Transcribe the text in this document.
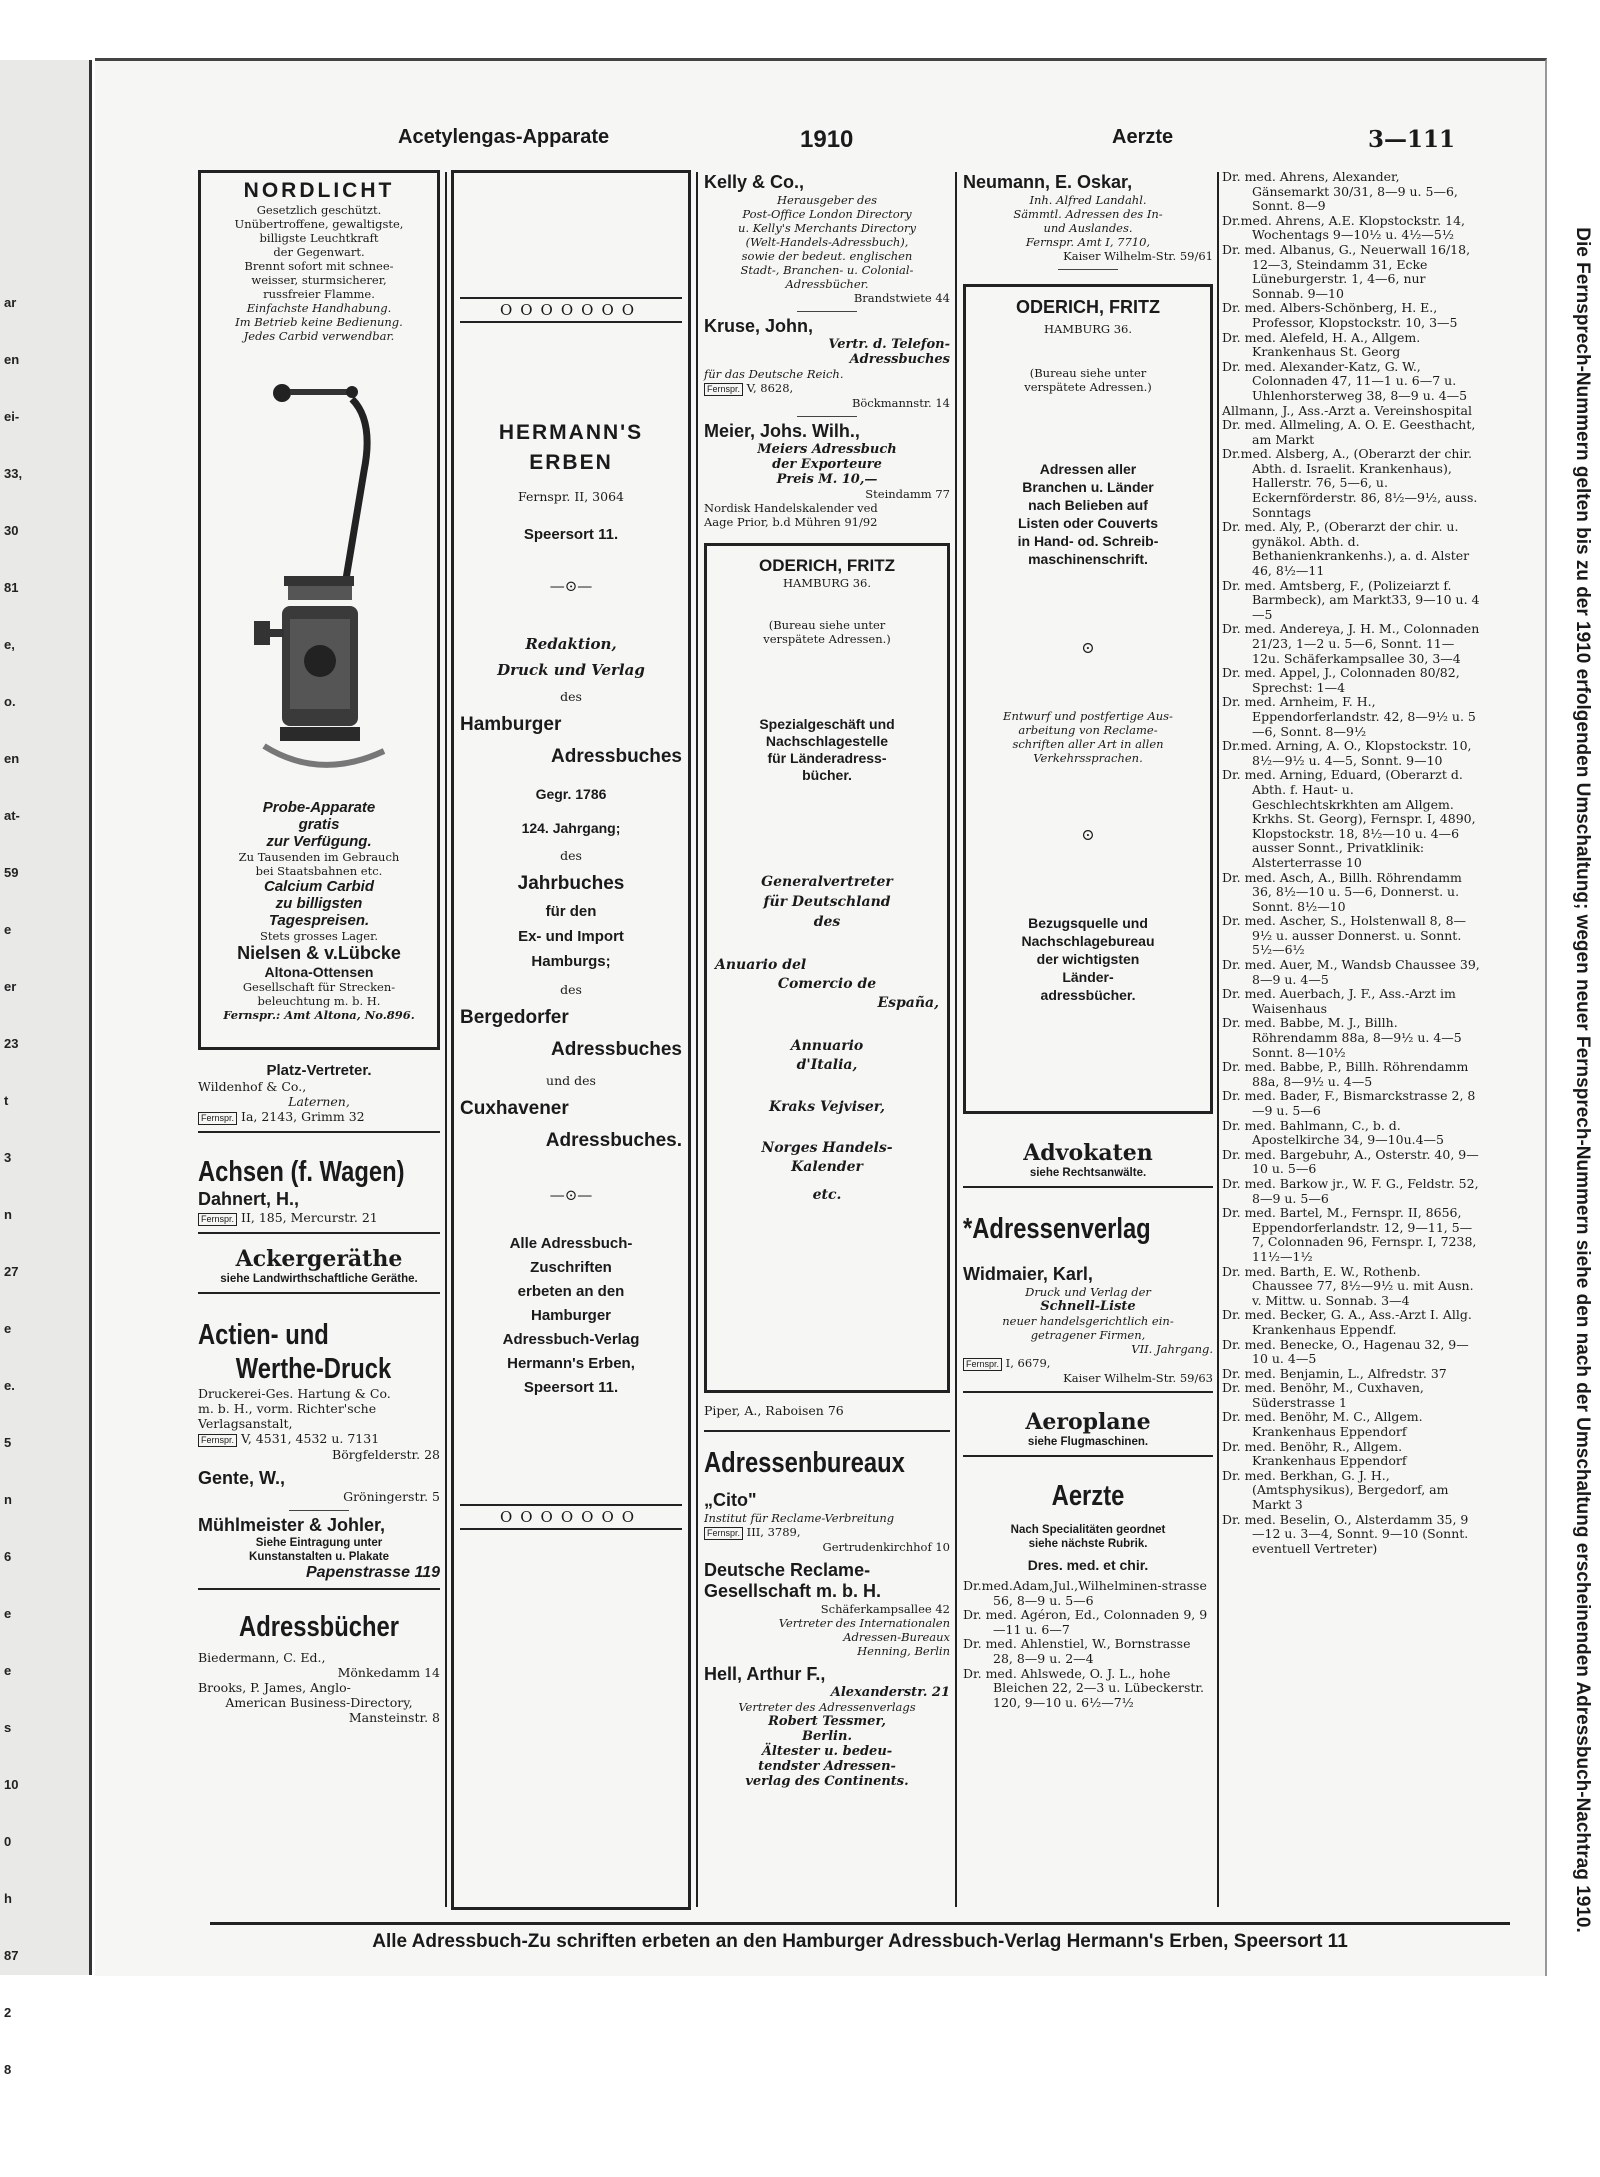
ar
en
ei-
33,
30
81
e,
o.
en
at-
59
e
er
23
t
3
n
27
e
e.
5
n
6
e
e
s
10
0
h
87
2
8
Acetylengas-Apparate	1910	Aerzte	3—111
NORDLICHT
Gesetzlich geschützt.
Unübertroffene, gewaltigste,
billigste Leuchtkraft
der Gegenwart.
Brennt sofort mit schnee-
weisser, sturmsicherer,
russfreier Flamme.
Einfachste Handhabung.
Im Betrieb keine Bedienung.
Jedes Carbid verwendbar.
Probe-Apparate
gratis
zur Verfügung.
Zu Tausenden im Gebrauch
bei Staatsbahnen etc.
Calcium Carbid
zu billigsten
Tagespreisen.
Stets grosses Lager.
Nielsen & v.Lübcke
Altona-Ottensen
Gesellschaft für Strecken-
beleuchtung m. b. H.
Fernspr.: Amt Altona, No.896.
Platz-Vertreter.
Wildenhof & Co.,
Laternen,
Fernspr. Ia, 2143, Grimm 32
Achsen (f. Wagen)
Dahnert, H.,
Fernspr. II, 185, Mercurstr. 21
Ackergeräthe
siehe Landwirthschaftliche Geräthe.
Actien- und
Werthe-Druck
Druckerei-Ges. Hartung & Co.
m. b. H., vorm. Richter'sche
Verlagsanstalt,
Fernspr. V, 4531, 4532 u. 7131
Börgfelderstr. 28
Gente, W.,
Gröningerstr. 5
Mühlmeister & Johler,
Siehe Eintragung unter
Kunstanstalten u. Plakate
Papenstrasse 119
Adressbücher
Biedermann, C. Ed.,
Mönkedamm 14
Brooks, P. James, Anglo-
American Business-Directory,
Mansteinstr. 8
OOOOOOO
HERMANN'S
ERBEN
Fernspr. II, 3064
Speersort 11.
—⊙—
Redaktion,
Druck und Verlag
des
Hamburger
Adressbuches
Gegr. 1786
124. Jahrgang;
des
Jahrbuches
für den
Ex- und Import
Hamburgs;
des
Bergedorfer
Adressbuches
und des
Cuxhavener
Adressbuches.
—⊙—
Alle Adressbuch-
Zuschriften
erbeten an den
Hamburger
Adressbuch-Verlag
Hermann's Erben,
Speersort 11.
OOOOOOO
Kelly & Co.,
Herausgeber des
Post-Office London Directory
u. Kelly's Merchants Directory
(Welt-Handels-Adressbuch),
sowie der bedeut. englischen
Stadt-, Branchen- u. Colonial-
Adressbücher.
Brandstwiete 44
Kruse, John,
Vertr. d. Telefon-
Adressbuches
für das Deutsche Reich.
Fernspr. V, 8628,
Böckmannstr. 14
Meier, Johs. Wilh.,
Meiers Adressbuch
der Exporteure
Preis M. 10,—
Steindamm 77
Nordisk Handelskalender ved
Aage Prior, b.d Mühren 91/92
ODERICH, FRITZ
HAMBURG 36.
(Bureau siehe unter
verspätete Adressen.)
Spezialgeschäft und
Nachschlagestelle
für Länderadress-
bücher.
Generalvertreter
für Deutschland
des
Anuario del
Comercio de
España,
Annuario
d'Italia,
Kraks Vejviser,
Norges Handels-
Kalender
etc.
Piper, A., Raboisen 76
Adressenbureaux
„Cito"
Institut für Reclame-Verbreitung
Fernspr. III, 3789,
Gertrudenkirchhof 10
Deutsche Reclame-
Gesellschaft m. b. H.
Schäferkampsallee 42
Vertreter des Internationalen
Adressen-Bureaux
Henning, Berlin
Hell, Arthur F.,
Alexanderstr. 21
Vertreter des Adressenverlags
Robert Tessmer,
Berlin.
Ältester u. bedeu-
tendster Adressen-
verlag des Continents.
Neumann, E. Oskar,
Inh. Alfred Landahl.
Sämmtl. Adressen des In-
und Auslandes.
Fernspr. Amt I, 7710,
Kaiser Wilhelm-Str. 59/61
ODERICH, FRITZ
HAMBURG 36.
(Bureau siehe unter
verspätete Adressen.)
Adressen aller
Branchen u. Länder
nach Belieben auf
Listen oder Couverts
in Hand- od. Schreib-
maschinenschrift.
⊙
Entwurf und postfertige Aus-
arbeitung von Reclame-
schriften aller Art in allen
Verkehrssprachen.
⊙
Bezugsquelle und
Nachschlagebureau
der wichtigsten
Länder-
adressbücher.
Advokaten
siehe Rechtsanwälte.
*Adressenverlag
Widmaier, Karl,
Druck und Verlag der
Schnell-Liste
neuer handelsgerichtlich ein-
getragener Firmen,
VII. Jahrgang.
Fernspr. I, 6679,
Kaiser Wilhelm-Str. 59/63
Aeroplane
siehe Flugmaschinen.
Aerzte
Nach Specialitäten geordnet
siehe nächste Rubrik.
Dres. med. et chir.
Dr.med.Adam,Jul.,Wilhelminen-strasse 56, 8—9 u. 5—6
Dr. med. Agéron, Ed., Colonnaden 9, 9—11 u. 6—7
Dr. med. Ahlenstiel, W., Bornstrasse 28, 8—9 u. 2—4
Dr. med. Ahlswede, O. J. L., hohe Bleichen 22, 2—3 u. Lübeckerstr. 120, 9—10 u. 6½—7½
Dr. med. Ahrens, Alexander, Gänsemarkt 30/31, 8—9 u. 5—6, Sonnt. 8—9
Dr.med. Ahrens, A.E. Klopstockstr. 14, Wochentags 9—10½ u. 4½—5½
Dr. med. Albanus, G., Neuerwall 16/18, 12—3, Steindamm 31, Ecke Lüneburgerstr. 1, 4—6, nur Sonnab. 9—10
Dr. med. Albers-Schönberg, H. E., Professor, Klopstockstr. 10, 3—5
Dr. med. Alefeld, H. A., Allgem. Krankenhaus St. Georg
Dr. med. Alexander-Katz, G. W., Colonnaden 47, 11—1 u. 6—7 u. Uhlenhorsterweg 38, 8—9 u. 4—5
Allmann, J., Ass.-Arzt a. Vereinshospital
Dr. med. Allmeling, A. O. E. Geesthacht, am Markt
Dr.med. Alsberg, A., (Oberarzt der chir. Abth. d. Israelit. Krankenhaus), Hallerstr. 76, 5—6, u. Eckernförderstr. 86, 8½—9½, auss. Sonntags
Dr. med. Aly, P., (Oberarzt der chir. u. gynäkol. Abth. d. Bethanienkrankenhs.), a. d. Alster 46, 8½—11
Dr. med. Amtsberg, F., (Polizeiarzt f. Barmbeck), am Markt33, 9—10 u. 4—5
Dr. med. Andereya, J. H. M., Colonnaden 21/23, 1—2 u. 5—6, Sonnt. 11—12u. Schäferkampsallee 30, 3—4
Dr. med. Appel, J., Colonnaden 80/82, Sprechst: 1—4
Dr. med. Arnheim, F. H., Eppendorferlandstr. 42, 8—9½ u. 5—6, Sonnt. 8—9½
Dr.med. Arning, A. O., Klopstockstr. 10, 8½—9½ u. 4—5, Sonnt. 9—10
Dr. med. Arning, Eduard, (Oberarzt d. Abth. f. Haut- u. Geschlechtskrkhten am Allgem. Krkhs. St. Georg), Fernspr. I, 4890, Klopstockstr. 18, 8½—10 u. 4—6 ausser Sonnt., Privatklinik: Alsterterrasse 10
Dr. med. Asch, A., Billh. Röhrendamm 36, 8½—10 u. 5—6, Donnerst. u. Sonnt. 8½—10
Dr. med. Ascher, S., Holstenwall 8, 8—9½ u. ausser Donnerst. u. Sonnt. 5½—6½
Dr. med. Auer, M., Wandsb Chaussee 39, 8—9 u. 4—5
Dr. med. Auerbach, J. F., Ass.-Arzt im Waisenhaus
Dr. med. Babbe, M. J., Billh. Röhrendamm 88a, 8—9½ u. 4—5 Sonnt. 8—10½
Dr. med. Babbe, P., Billh. Röhrendamm 88a, 8—9½ u. 4—5
Dr. med. Bader, F., Bismarckstrasse 2, 8—9 u. 5—6
Dr. med. Bahlmann, C., b. d. Apostelkirche 34, 9—10u.4—5
Dr. med. Bargebuhr, A., Osterstr. 40, 9—10 u. 5—6
Dr. med. Barkow jr., W. F. G., Feldstr. 52, 8—9 u. 5—6
Dr. med. Bartel, M., Fernspr. II, 8656, Eppendorferlandstr. 12, 9—11, 5—7, Colonnaden 96, Fernspr. I, 7238, 11½—1½
Dr. med. Barth, E. W., Rothenb. Chaussee 77, 8½—9½ u. mit Ausn. v. Mittw. u. Sonnab. 3—4
Dr. med. Becker, G. A., Ass.-Arzt I. Allg. Krankenhaus Eppendf.
Dr. med. Benecke, O., Hagenau 32, 9—10 u. 4—5
Dr. med. Benjamin, L., Alfredstr. 37
Dr. med. Benöhr, M., Cuxhaven, Süderstrasse 1
Dr. med. Benöhr, M. C., Allgem. Krankenhaus Eppendorf
Dr. med. Benöhr, R., Allgem. Krankenhaus Eppendorf
Dr. med. Berkhan, G. J. H., (Amtsphysikus), Bergedorf, am Markt 3
Dr. med. Beselin, O., Alsterdamm 35, 9—12 u. 3—4, Sonnt. 9—10 (Sonnt. eventuell Vertreter)	Die Fernsprech-Nummern gelten bis zu der 1910 erfolgenden Umschaltung; wegen neuer Fernsprech-Nummern siehe den nach der Umschaltung erscheinenden Adressbuch-Nachtrag 1910.
Alle Adressbuch-Zu schriften erbeten an den Hamburger Adressbuch-Verlag Hermann's Erben, Speersort 11
